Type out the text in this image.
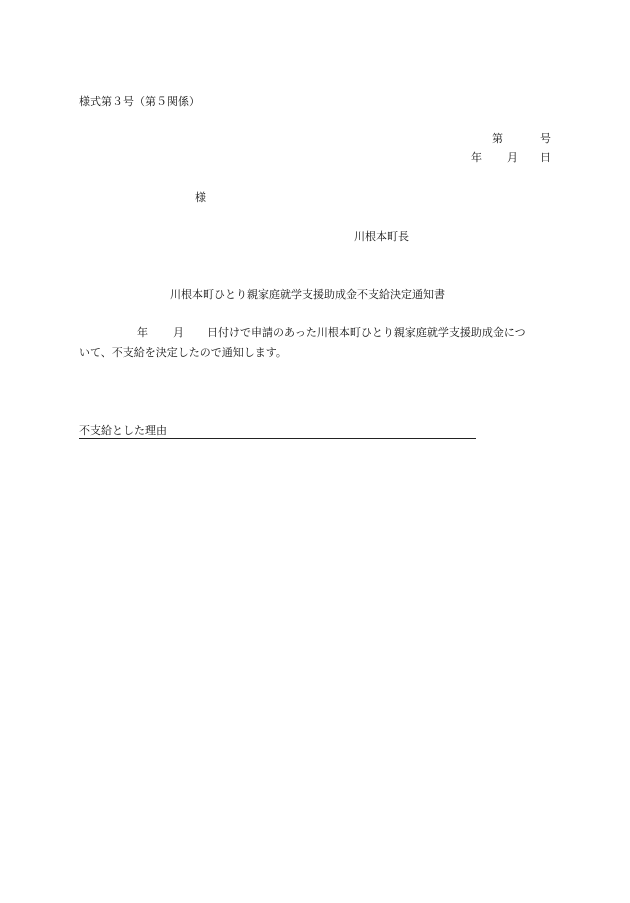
様式第３号（第５関係）
第	号
年 月 日
様
川根本町長
川根本町ひとり親家庭就学支援助成金不支給決定通知書
年 月 日付けで申請のあった川根本町ひとり親家庭就学支援助成金につ
いて、不支給を決定したので通知します。
不支給とした理由
